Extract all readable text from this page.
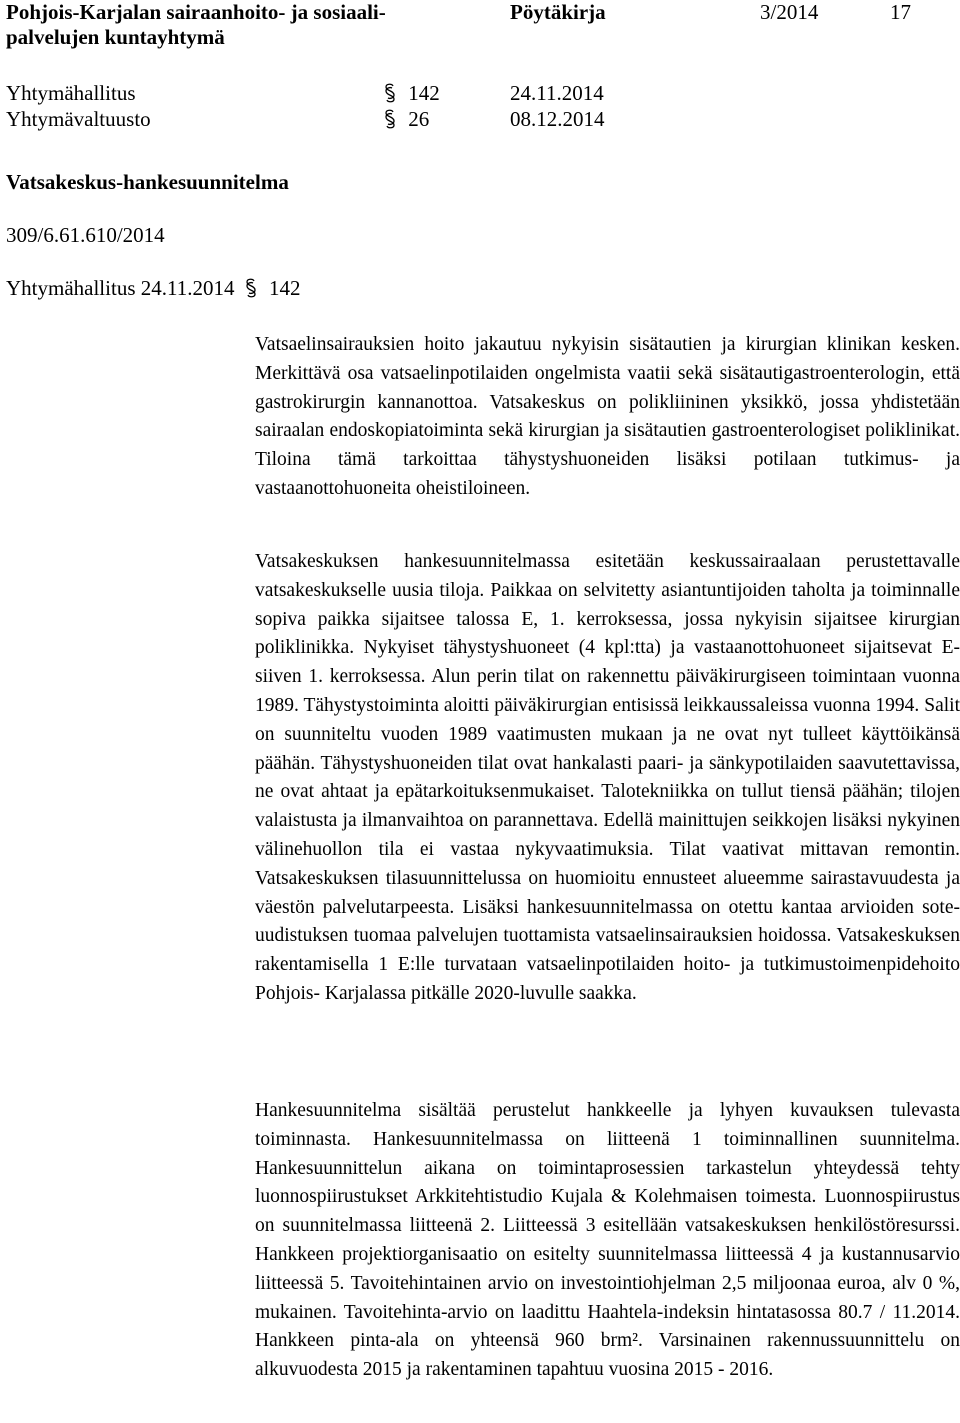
Pohjois-Karjalan sairaanhoito- ja sosiaali-
palvelujen kuntayhtymä
Pöytäkirja	3/2014	17
Yhtymähallitus	142	24.11.2014
Yhtymävaltuusto	26	08.12.2014
Vatsakeskus-hankesuunnitelma
309/6.61.610/2014
Yhtymähallitus 24.11.2014 142
Vatsaelinsairauksien hoito jakautuu nykyisin sisätautien ja kirurgian klinikan kesken. Merkittävä osa vatsaelinpotilaiden ongelmista vaatii sekä sisätautigastroenterologin, että gastrokirurgin kannanottoa. Vatsakeskus on polikliininen yksikkö, jossa yhdistetään sairaalan endoskopiatoiminta sekä kirurgian ja sisätautien gastroenterologiset poliklinikat. Tiloina tämä tarkoittaa tähystyshuoneiden lisäksi potilaan tutkimus- ja vastaanottohuoneita oheistiloineen.
Vatsakeskuksen hankesuunnitelmassa esitetään keskussairaalaan perustettavalle vatsakeskukselle uusia tiloja. Paikkaa on selvitetty asiantuntijoiden taholta ja toiminnalle sopiva paikka sijaitsee talossa E, 1. kerroksessa, jossa nykyisin sijaitsee kirurgian poliklinikka. Nykyiset tähystyshuoneet (4 kpl:tta) ja vastaanottohuoneet sijaitsevat E-siiven 1. kerroksessa. Alun perin tilat on rakennettu päiväkirurgiseen toimintaan vuonna 1989. Tähystystoiminta aloitti päiväkirurgian entisissä leikkaussaleissa vuonna 1994. Salit on suunniteltu vuoden 1989 vaatimusten mukaan ja ne ovat nyt tulleet käyttöikänsä päähän. Tähystyshuoneiden tilat ovat hankalasti paari- ja sänkypotilaiden saavutettavissa, ne ovat ahtaat ja epätarkoituksenmukaiset. Talotekniikka on tullut tiensä päähän; tilojen valaistusta ja ilmanvaihtoa on parannettava. Edellä mainittujen seikkojen lisäksi nykyinen välinehuollon tila ei vastaa nykyvaatimuksia. Tilat vaativat mittavan remontin. Vatsakeskuksen tilasuunnittelussa on huomioitu ennusteet alueemme sairastavuudesta ja väestön palvelutarpeesta. Lisäksi hankesuunnitelmassa on otettu kantaa arvioiden sote-uudistuksen tuomaa palvelujen tuottamista vatsaelinsairauksien hoidossa. Vatsakeskuksen rakentamisella 1 E:lle turvataan vatsaelinpotilaiden hoito- ja tutkimustoimenpidehoito Pohjois- Karjalassa pitkälle 2020-luvulle saakka.
Hankesuunnitelma sisältää perustelut hankkeelle ja lyhyen kuvauksen tulevasta toiminnasta. Hankesuunnitelmassa on liitteenä 1 toiminnallinen suunnitelma. Hankesuunnittelun aikana on toimintaprosessien tarkastelun yhteydessä tehty luonnospiirustukset Arkkitehtistudio Kujala & Kolehmaisen toimesta. Luonnospiirustus on suunnitelmassa liitteenä 2. Liitteessä 3 esitellään vatsakeskuksen henkilöstöresurssi. Hankkeen projektiorganisaatio on esitelty suunnitelmassa liitteessä 4 ja kustannusarvio liitteessä 5. Tavoitehintainen arvio on investointiohjelman 2,5 miljoonaa euroa, alv 0 %, mukainen. Tavoitehinta-arvio on laadittu Haahtela-indeksin hintatasossa 80.7 / 11.2014. Hankkeen pinta-ala on yhteensä 960 brm². Varsinainen rakennussuunnittelu on alkuvuodesta 2015 ja rakentaminen tapahtuu vuosina 2015 - 2016.
